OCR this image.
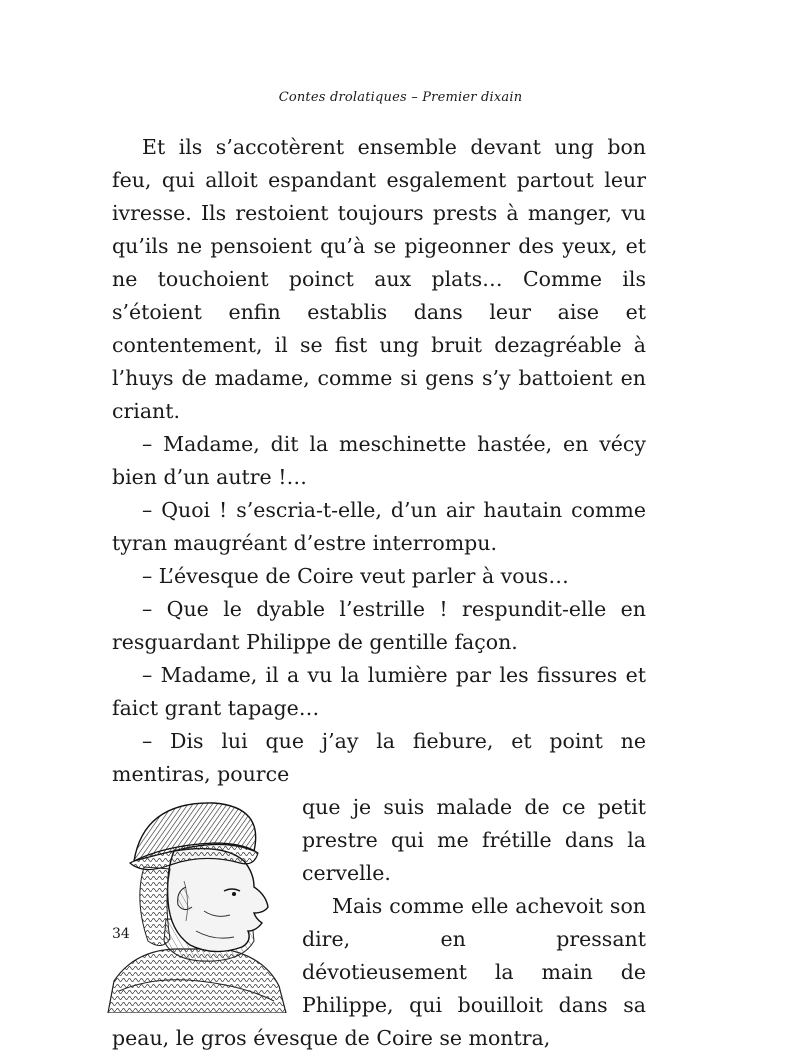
Contes drolatiques – Premier dixain

Et ils s’accotèrent ensemble devant ung bon feu, qui alloit espandant esgalement partout leur ivresse. Ils restoient toujours prests à manger, vu qu’ils ne pensoient qu’à se pigeonner des yeux, et ne touchoient poinct aux plats… Comme ils s’étoient enfin establis dans leur aise et contentement, il se fist ung bruit dezagréable à l’huys de madame, comme si gens s’y battoient en criant.

– Madame, dit la meschinette hastée, en vécy bien d’un autre !…

– Quoi ! s’escria-t-elle, d’un air hautain comme tyran maugréant d’estre interrompu.

– L’évesque de Coire veut parler à vous…

– Que le dyable l’estrille ! respundit-elle en resguardant Philippe de gentille façon.

– Madame, il a vu la lumière par les fissures et faict grant tapage…

– Dis lui que j’ay la fiebure, et point ne mentiras, pource

que je suis malade de ce petit prestre qui me frétille dans la cervelle.

Mais comme elle achevoit son dire, en pressant dévotieusement la main de Philippe, qui bouilloit dans sa peau, le gros évesque de Coire se montra,

34
